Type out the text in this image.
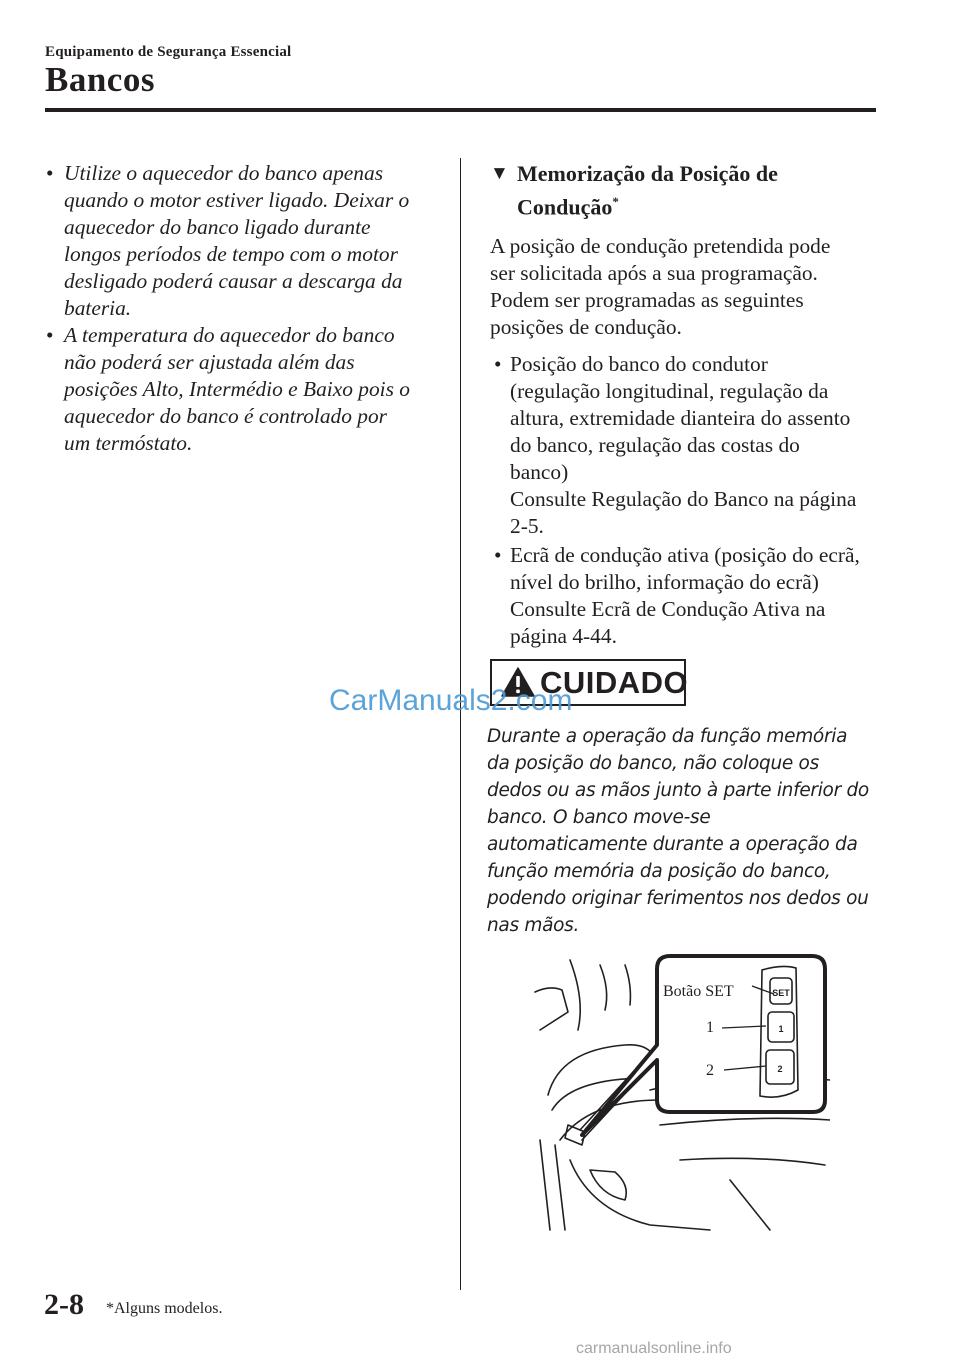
Equipamento de Segurança Essencial
Bancos
• Utilize o aquecedor do banco apenas
quando o motor estiver ligado. Deixar o
aquecedor do banco ligado durante
longos períodos de tempo com o motor
desligado poderá causar a descarga da
bateria.
• A temperatura do aquecedor do banco
não poderá ser ajustada além das
posições Alto, Intermédio e Baixo pois o
aquecedor do banco é controlado por
um termóstato.
▼ Memorização da Posição de
Condução*
A posição de condução pretendida pode
ser solicitada após a sua programação.
Podem ser programadas as seguintes
posições de condução.
• Posição do banco do condutor
(regulação longitudinal, regulação da
altura, extremidade dianteira do assento
do banco, regulação das costas do
banco)
Consulte Regulação do Banco na página
2-5.
• Ecrã de condução ativa (posição do ecrã,
nível do brilho, informação do ecrã)
Consulte Ecrã de Condução Ativa na
página 4-44.
CUIDADO
Durante a operação da função memória
da posição do banco, não coloque os
dedos ou as mãos junto à parte inferior do
banco. O banco move-se
automaticamente durante a operação da
função memória da posição do banco,
podendo originar ferimentos nos dedos ou
nas mãos.
CarManuals2.com
SET
1
2
Botão SET
1
2
2-8 *Alguns modelos.
carmanualsonline.info
